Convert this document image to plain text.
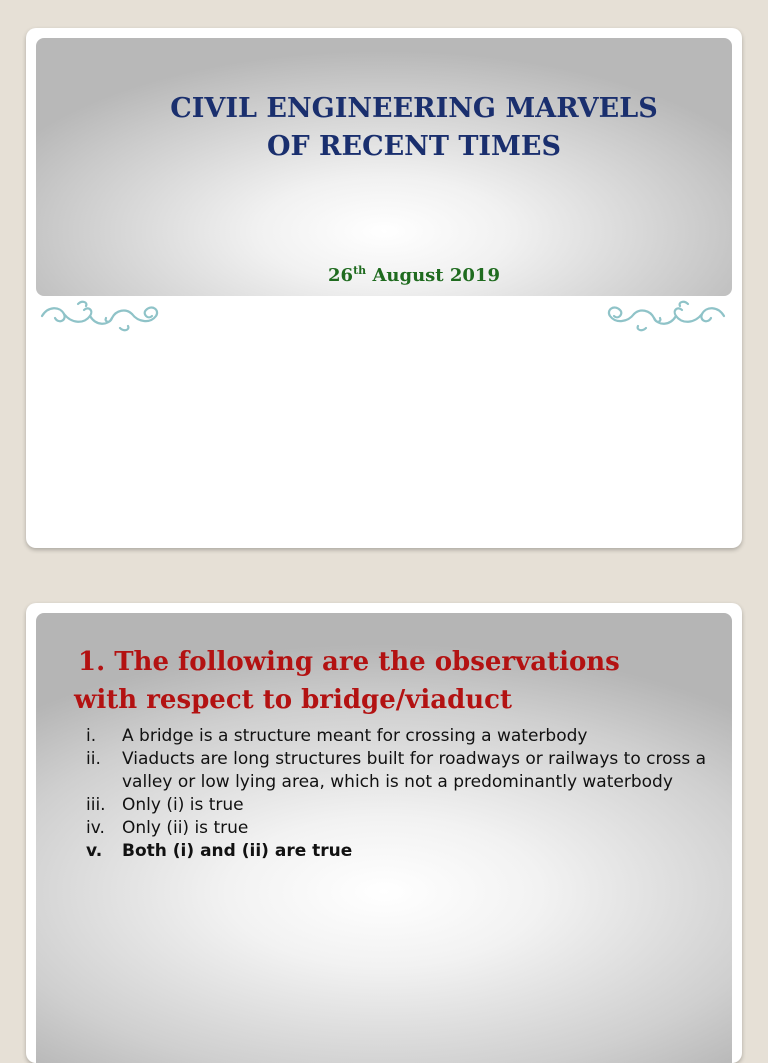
CIVIL ENGINEERING MARVELS
OF RECENT TIMES
26th August 2019
1. The following are the observations
with respect to bridge/viaduct
i. A bridge is a structure meant for crossing a waterbody
ii. Viaducts are long structures built for roadways or railways to cross a valley or low lying area, which is not a predominantly waterbody
iii. Only (i) is true
iv. Only (ii) is true
v. Both (i) and (ii) are true
